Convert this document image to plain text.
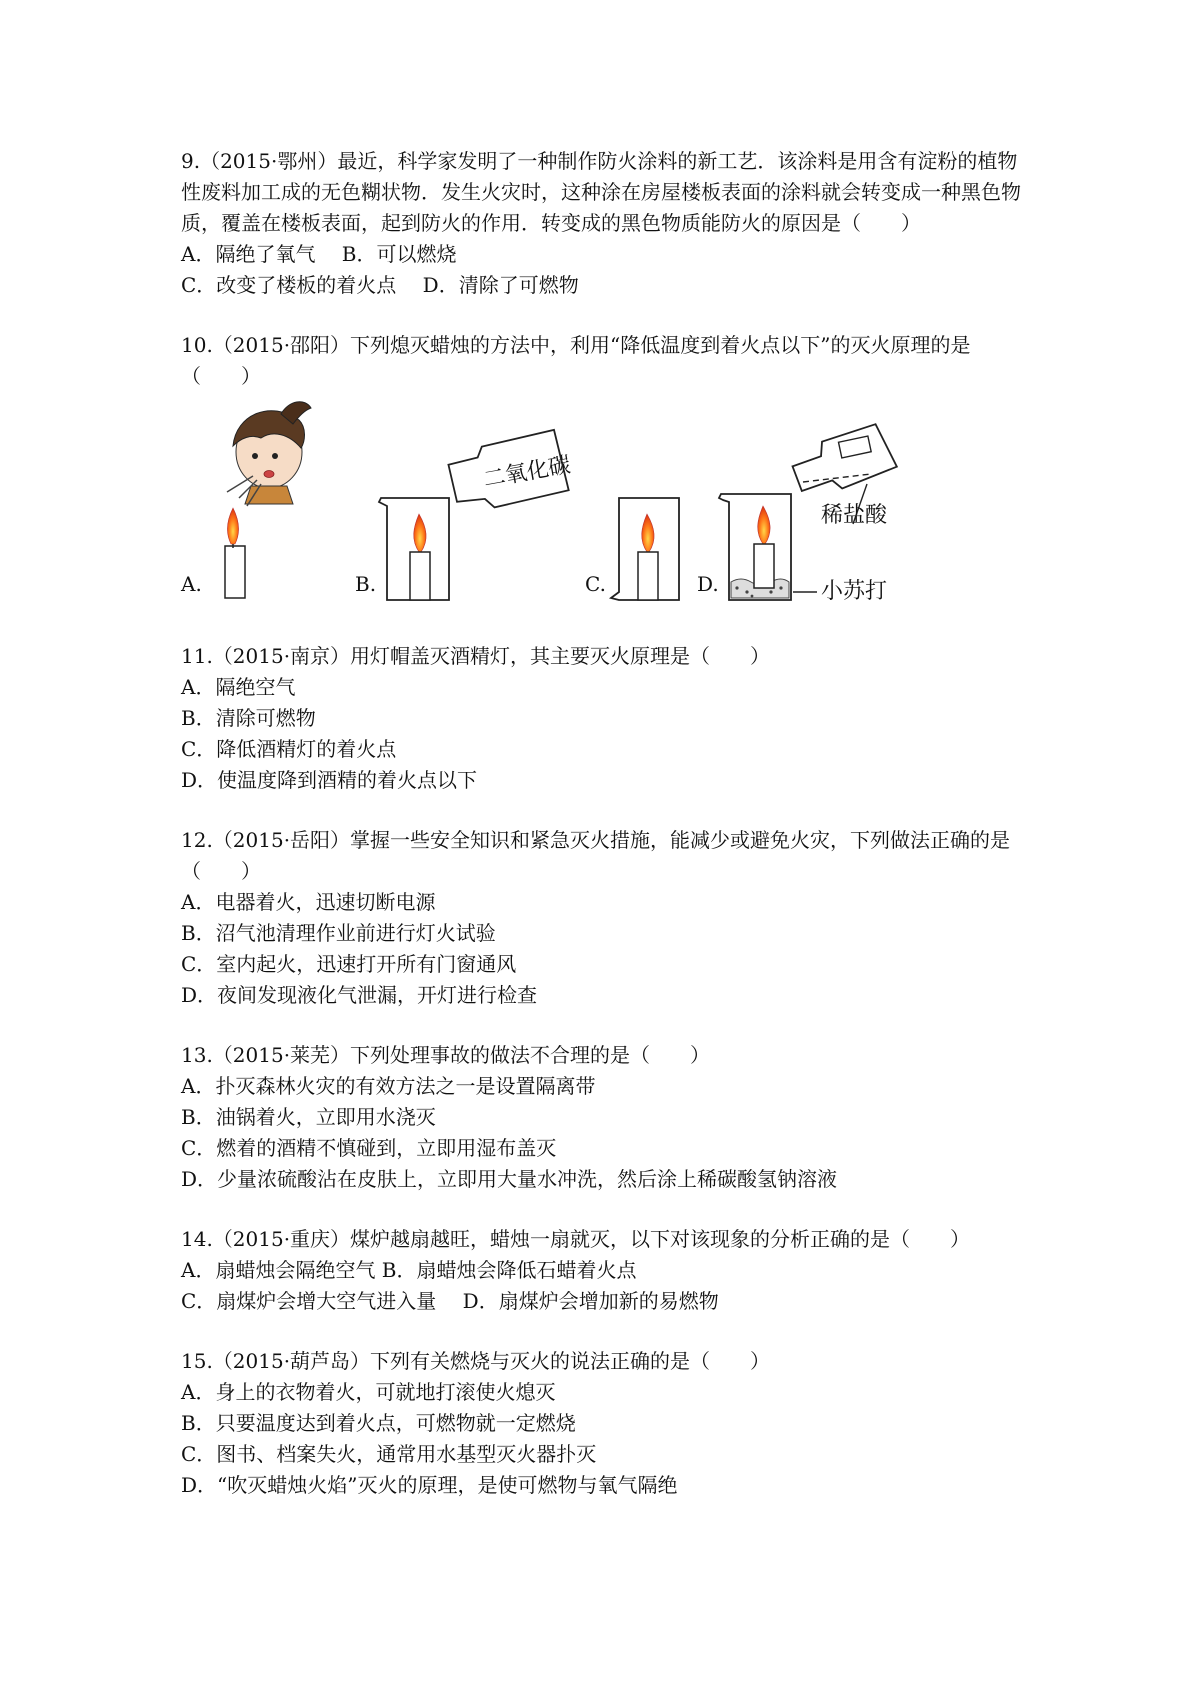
9.（2015·鄂州）最近，科学家发明了一种制作防火涂料的新工艺．该涂料是用含有淀粉的植物性废料加工成的无色糊状物．发生火灾时，这种涂在房屋楼板表面的涂料就会转变成一种黑色物质，覆盖在楼板表面，起到防火的作用．转变成的黑色物质能防火的原因是（　　）
A．隔绝了氧气　 B．可以燃烧
C．改变了楼板的着火点　 D．清除了可燃物
10.（2015·邵阳）下列熄灭蜡烛的方法中，利用“降低温度到着火点以下”的灭火原理的是（　　）
二氧化碳
稀盐酸
小苏打
A.	B.	C.	D.
11.（2015·南京）用灯帽盖灭酒精灯，其主要灭火原理是（　　）
A．隔绝空气
B．清除可燃物
C．降低酒精灯的着火点
D．使温度降到酒精的着火点以下
12.（2015·岳阳）掌握一些安全知识和紧急灭火措施，能减少或避免火灾，下列做法正确的是（　　）
A．电器着火，迅速切断电源
B．沼气池清理作业前进行灯火试验
C．室内起火，迅速打开所有门窗通风
D．夜间发现液化气泄漏，开灯进行检查
13.（2015·莱芜）下列处理事故的做法不合理的是（　　）
A．扑灭森林火灾的有效方法之一是设置隔离带
B．油锅着火，立即用水浇灭
C．燃着的酒精不慎碰到，立即用湿布盖灭
D．少量浓硫酸沾在皮肤上，立即用大量水冲洗，然后涂上稀碳酸氢钠溶液
14.（2015·重庆）煤炉越扇越旺，蜡烛一扇就灭，以下对该现象的分析正确的是（　　）
A．扇蜡烛会隔绝空气 B．扇蜡烛会降低石蜡着火点
C．扇煤炉会增大空气进入量　 D．扇煤炉会增加新的易燃物
15.（2015·葫芦岛）下列有关燃烧与灭火的说法正确的是（　　）
A．身上的衣物着火，可就地打滚使火熄灭
B．只要温度达到着火点，可燃物就一定燃烧
C．图书、档案失火，通常用水基型灭火器扑灭
D．“吹灭蜡烛火焰”灭火的原理，是使可燃物与氧气隔绝
